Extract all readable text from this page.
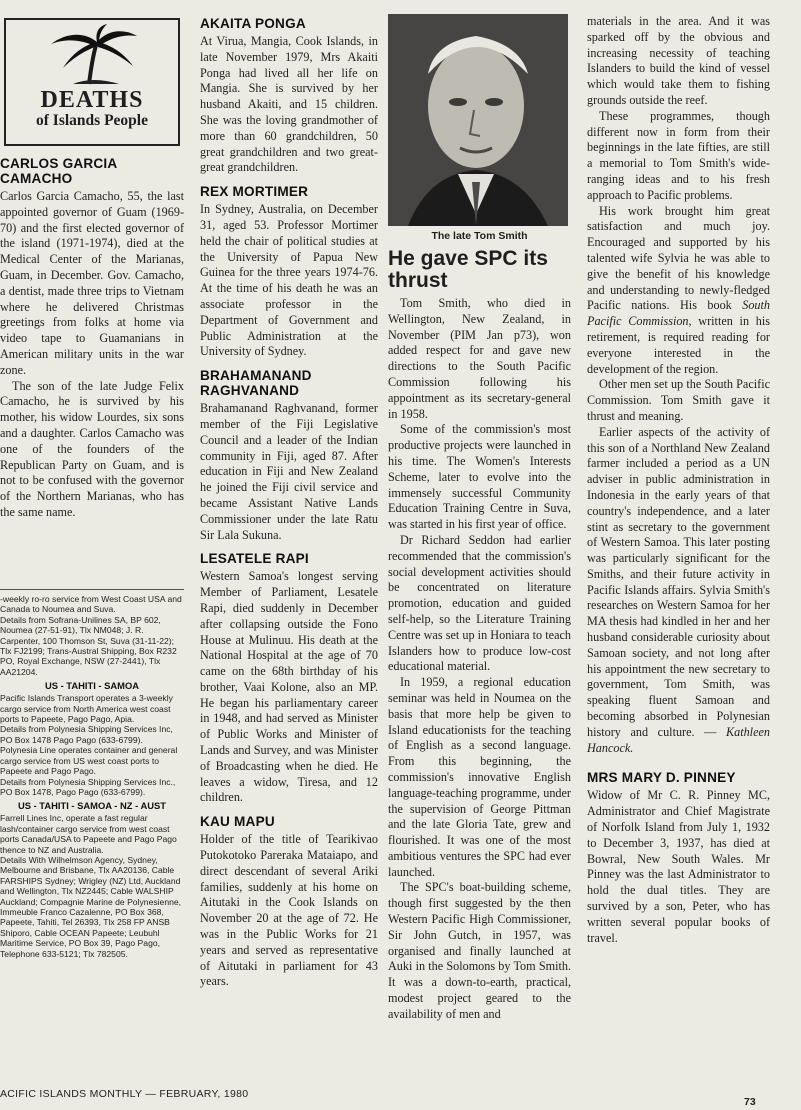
DEATHS
of Islands People
CARLOS GARCIA CAMACHO

Carlos Garcia Camacho, 55, the last appointed governor of Guam (1969-70) and the first elected governor of the island (1971-1974), died at the Medical Center of the Marianas, Guam, in December. Gov. Camacho, a dentist, made three trips to Vietnam where he delivered Christmas greetings from folks at home via video tape to Guamanians in American military units in the war zone.

The son of the late Judge Felix Camacho, he is survived by his mother, his widow Lourdes, six sons and a daughter. Carlos Camacho was one of the founders of the Republican Party on Guam, and is not to be confused with the governor of the Northern Marianas, who has the same name.

-weekly ro-ro service from West Coast USA and Canada to Noumea and Suva.
Details from Sofrana-Unilines SA, BP 602, Noumea (27-51-91), Tlx NM048; J. R. Carpenter, 100 Thomson St, Suva (31-11-22); Tlx FJ2199; Trans-Austral Shipping, Box R232 PO, Royal Exchange, NSW (27-2441), Tlx AA21204.
US - TAHITI - SAMOA
Pacific Islands Transport operates a 3-weekly cargo service from North America west coast ports to Papeete, Pago Pago, Apia.
Details from Polynesia Shipping Services Inc, PO Box 1478 Pago Pago (633-6799).
Polynesia Line operates container and general cargo service from US west coast ports to Papeete and Pago Pago.
Details from Polynesia Shipping Services Inc., PO Box 1478, Pago Pago (633-6799).
US - TAHITI - SAMOA - NZ - AUST
Farrell Lines Inc, operate a fast regular lash/container cargo service from west coast ports Canada/USA to Papeete and Pago Pago thence to NZ and Australia.
Details With Wilhelmson Agency, Sydney, Melbourne and Brisbane, Tlx AA20136, Cable FARSHIPS Sydney; Wrigley (NZ) Ltd, Auckland and Wellington, Tlx NZ2445; Cable WALSHIP Auckland; Compagnie Marine de Polynesienne, Immeuble Franco Cazalenne, PO Box 368, Papeete, Tahiti, Tel 26393, Tlx 258 FP ANSB Shiporo, Cable OCEAN Papeete; Leubuhl Maritime Service, PO Box 39, Pago Pago, Telephone 633-5121; Tlx 782505.
AKAITA PONGA

At Virua, Mangia, Cook Islands, in late November 1979, Mrs Akaiti Ponga had lived all her life on Mangia. She is survived by her husband Akaiti, and 15 children. She was the loving grandmother of more than 60 grandchildren, 50 great grandchildren and two great-great grandchildren.

REX MORTIMER

In Sydney, Australia, on December 31, aged 53. Professor Mortimer held the chair of political studies at the University of Papua New Guinea for the three years 1974-76. At the time of his death he was an associate professor in the Department of Government and Public Administration at the University of Sydney.

BRAHAMANAND RAGHVANAND

Brahamanand Raghvanand, former member of the Fiji Legislative Council and a leader of the Indian community in Fiji, aged 87. After education in Fiji and New Zealand he joined the Fiji civil service and became Assistant Native Lands Commissioner under the late Ratu Sir Lala Sukuna.

LESATELE RAPI

Western Samoa's longest serving Member of Parliament, Lesatele Rapi, died suddenly in December after collapsing outside the Fono House at Mulinuu. His death at the National Hospital at the age of 70 came on the 68th birthday of his brother, Vaai Kolone, also an MP. He began his parliamentary career in 1948, and had served as Minister of Public Works and Minister of Lands and Survey, and was Minister of Broadcasting when he died. He leaves a widow, Tiresa, and 12 children.

KAU MAPU

Holder of the title of Tearikivao Putokotoko Pareraka Mataiapo, and direct descendant of several Ariki families, suddenly at his home on Aitutaki in the Cook Islands on November 20 at the age of 72. He was in the Public Works for 21 years and served as representative of Aitutaki in parliament for 43 years.

The late Tom Smith
He gave SPC its thrust

Tom Smith, who died in Wellington, New Zealand, in November (PIM Jan p73), won added respect for and gave new directions to the South Pacific Commission following his appointment as its secretary-general in 1958.

Some of the commission's most productive projects were launched in his time. The Women's Interests Scheme, later to evolve into the immensely successful Community Education Training Centre in Suva, was started in his first year of office.

Dr Richard Seddon had earlier recommended that the commission's social development activities should be concentrated on literature promotion, education and guided self-help, so the Literature Training Centre was set up in Honiara to teach Islanders how to produce low-cost educational material.

In 1959, a regional education seminar was held in Noumea on the basis that more help be given to Island educationists for the teaching of English as a second language. From this beginning, the commission's innovative English language-teaching programme, under the supervision of George Pittman and the late Gloria Tate, grew and flourished. It was one of the most ambitious ventures the SPC had ever launched.

The SPC's boat-building scheme, though first suggested by the then Western Pacific High Commissioner, Sir John Gutch, in 1957, was organised and finally launched at Auki in the Solomons by Tom Smith. It was a down-to-earth, practical, modest project geared to the availability of men and

materials in the area. And it was sparked off by the obvious and increasing necessity of teaching Islanders to build the kind of vessel which would take them to fishing grounds outside the reef.

These programmes, though different now in form from their beginnings in the late fifties, are still a memorial to Tom Smith's wide-ranging ideas and to his fresh approach to Pacific problems.

His work brought him great satisfaction and much joy. Encouraged and supported by his talented wife Sylvia he was able to give the benefit of his knowledge and understanding to newly-fledged Pacific nations. His book South Pacific Commission, written in his retirement, is required reading for everyone interested in the development of the region.

Other men set up the South Pacific Commission. Tom Smith gave it thrust and meaning.

Earlier aspects of the activity of this son of a Northland New Zealand farmer included a period as a UN adviser in public administration in Indonesia in the early years of that country's independence, and a later stint as secretary to the government of Western Samoa. This later posting was particularly significant for the Smiths, and their future activity in Pacific Islands affairs. Sylvia Smith's researches on Western Samoa for her MA thesis had kindled in her and her husband considerable curiosity about Samoan society, and not long after his appointment the new secretary to government, Tom Smith, was speaking fluent Samoan and becoming absorbed in Polynesian history and culture. — Kathleen Hancock.

MRS MARY D. PINNEY

Widow of Mr C. R. Pinney MC, Administrator and Chief Magistrate of Norfolk Island from July 1, 1932 to December 3, 1937, has died at Bowral, New South Wales. Mr Pinney was the last Administrator to hold the dual titles. They are survived by a son, Peter, who has written several popular books of travel.

ACIFIC ISLANDS MONTHLY — FEBRUARY, 1980
73
